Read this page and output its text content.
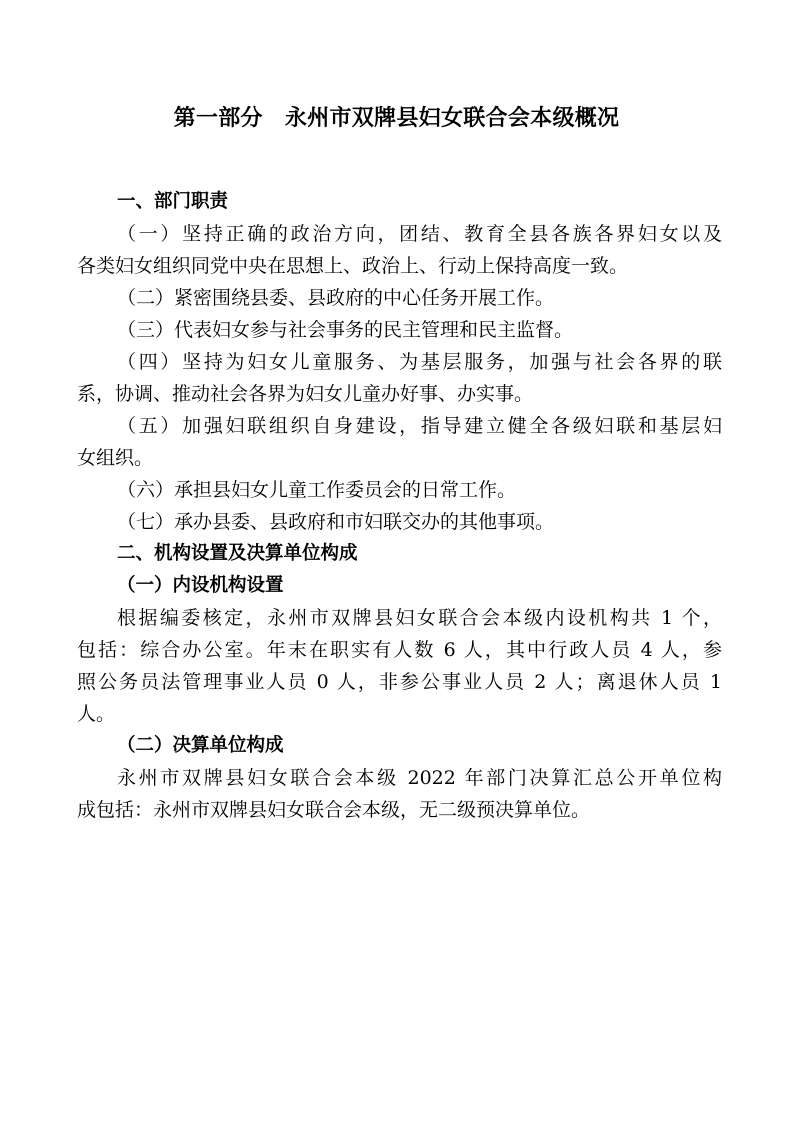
第一部分 永州市双牌县妇女联合会本级概况
一、部门职责
（一）坚持正确的政治方向，团结、教育全县各族各界妇女以及
各类妇女组织同党中央在思想上、政治上、行动上保持高度一致。
（二）紧密围绕县委、县政府的中心任务开展工作。
（三）代表妇女参与社会事务的民主管理和民主监督。
（四）坚持为妇女儿童服务、为基层服务，加强与社会各界的联
系，协调、推动社会各界为妇女儿童办好事、办实事。
（五）加强妇联组织自身建设，指导建立健全各级妇联和基层妇
女组织。
（六）承担县妇女儿童工作委员会的日常工作。
（七）承办县委、县政府和市妇联交办的其他事项。
二、机构设置及决算单位构成
（一）内设机构设置
根据编委核定，永州市双牌县妇女联合会本级内设机构共 1 个，
包括：综合办公室。年末在职实有人数 6 人，其中行政人员 4 人，参
照公务员法管理事业人员 0 人，非参公事业人员 2 人；离退休人员 1
人。
（二）决算单位构成
永州市双牌县妇女联合会本级 2022 年部门决算汇总公开单位构
成包括：永州市双牌县妇女联合会本级，无二级预决算单位。
